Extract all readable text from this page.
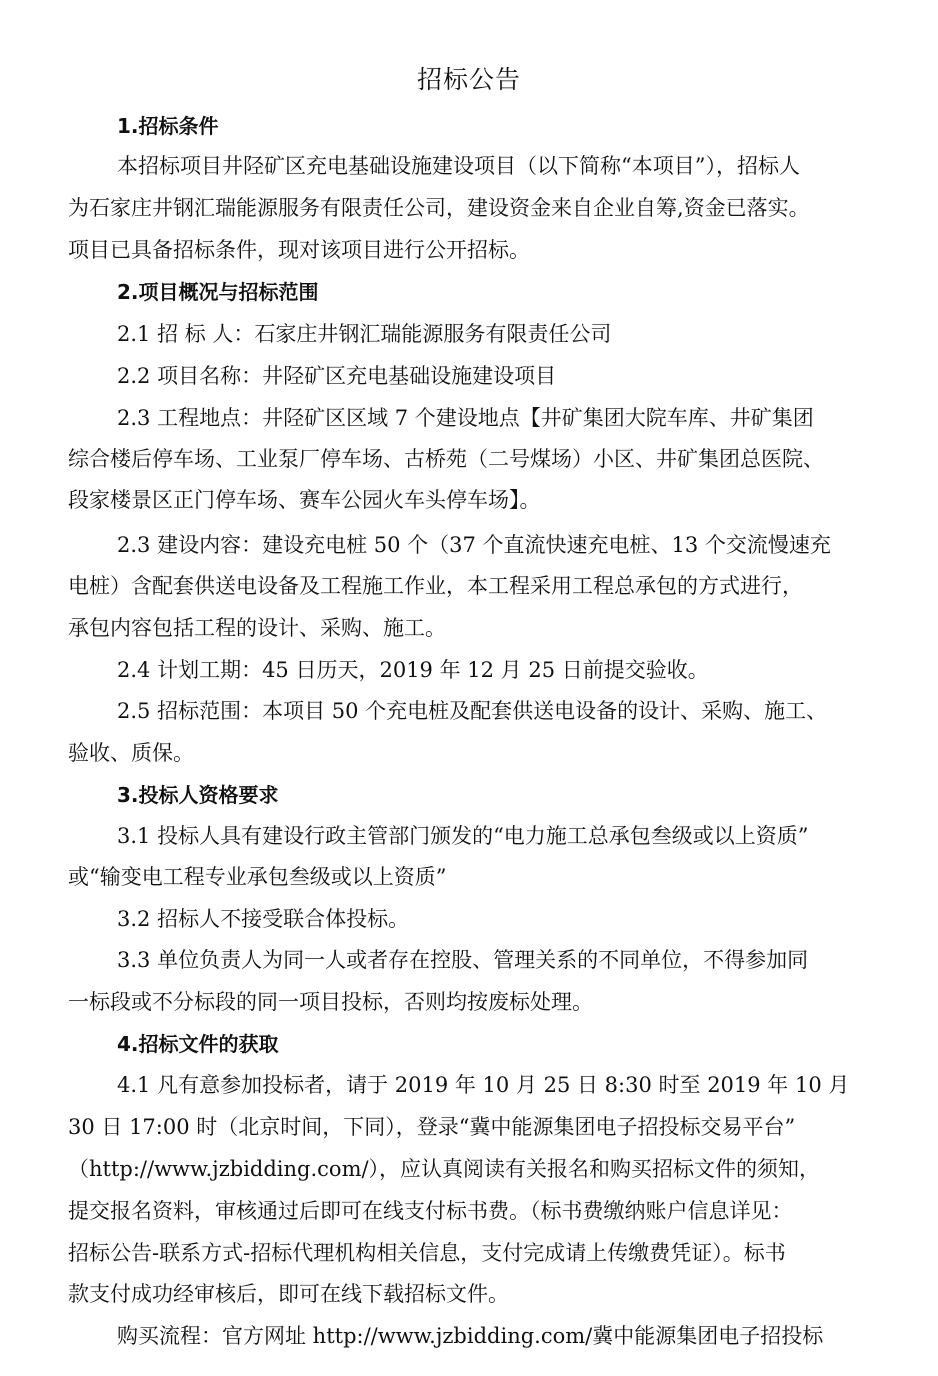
招标公告
1.招标条件
本招标项目井陉矿区充电基础设施建设项目（以下简称“本项目”），招标人
为石家庄井钢汇瑞能源服务有限责任公司，建设资金来自企业自筹,资金已落实。
项目已具备招标条件，现对该项目进行公开招标。
2.项目概况与招标范围
2.1 招 标 人：石家庄井钢汇瑞能源服务有限责任公司
2.2 项目名称：井陉矿区充电基础设施建设项目
2.3 工程地点：井陉矿区区域 7 个建设地点【井矿集团大院车库、井矿集团
综合楼后停车场、工业泵厂停车场、古桥苑（二号煤场）小区、井矿集团总医院、
段家楼景区正门停车场、赛车公园火车头停车场】。
2.3 建设内容：建设充电桩 50 个（37 个直流快速充电桩、13 个交流慢速充
电桩）含配套供送电设备及工程施工作业，本工程采用工程总承包的方式进行，
承包内容包括工程的设计、采购、施工。
2.4 计划工期：45 日历天，2019 年 12 月 25 日前提交验收。
2.5 招标范围：本项目 50 个充电桩及配套供送电设备的设计、采购、施工、
验收、质保。
3.投标人资格要求
3.1 投标人具有建设行政主管部门颁发的“电力施工总承包叁级或以上资质”
或“输变电工程专业承包叁级或以上资质”
3.2 招标人不接受联合体投标。
3.3 单位负责人为同一人或者存在控股、管理关系的不同单位，不得参加同
一标段或不分标段的同一项目投标，否则均按废标处理。
4.招标文件的获取
4.1 凡有意参加投标者，请于 2019 年 10 月 25 日 8:30 时至 2019 年 10 月
30 日 17:00 时（北京时间，下同），登录“冀中能源集团电子招投标交易平台”
（http://www.jzbidding.com/），应认真阅读有关报名和购买招标文件的须知，
提交报名资料，审核通过后即可在线支付标书费。（标书费缴纳账户信息详见：
招标公告-联系方式-招标代理机构相关信息，支付完成请上传缴费凭证）。标书
款支付成功经审核后，即可在线下载招标文件。
购买流程：官方网址 http://www.jzbidding.com/冀中能源集团电子招投标
